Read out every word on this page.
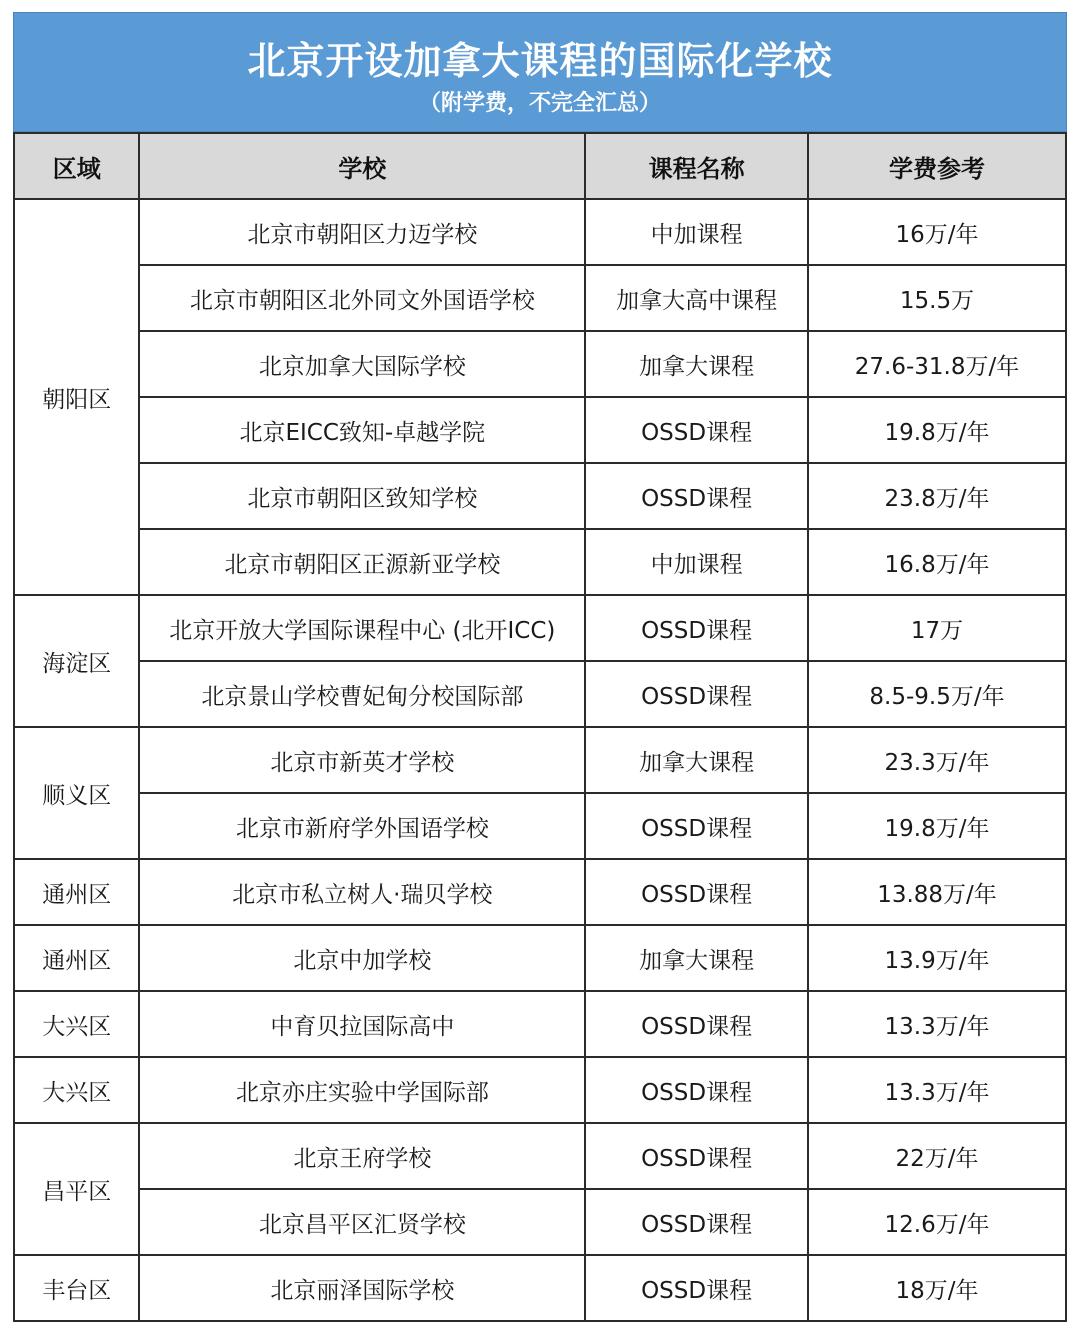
北京开设加拿大课程的国际化学校
（附学费，不完全汇总）
区域	学校	课程名称	学费参考
朝阳区	北京市朝阳区力迈学校	中加课程	16万/年
	北京市朝阳区北外同文外国语学校	加拿大高中课程	15.5万
	北京加拿大国际学校	加拿大课程	27.6-31.8万/年
	北京EICC致知-卓越学院	OSSD课程	19.8万/年
	北京市朝阳区致知学校	OSSD课程	23.8万/年
	北京市朝阳区正源新亚学校	中加课程	16.8万/年
海淀区	北京开放大学国际课程中心 (北开ICC)	OSSD课程	17万
	北京景山学校曹妃甸分校国际部	OSSD课程	8.5-9.5万/年
顺义区	北京市新英才学校	加拿大课程	23.3万/年
	北京市新府学外国语学校	OSSD课程	19.8万/年
通州区	北京市私立树人·瑞贝学校	OSSD课程	13.88万/年
通州区	北京中加学校	加拿大课程	13.9万/年
大兴区	中育贝拉国际高中	OSSD课程	13.3万/年
大兴区	北京亦庄实验中学国际部	OSSD课程	13.3万/年
昌平区	北京王府学校	OSSD课程	22万/年
	北京昌平区汇贤学校	OSSD课程	12.6万/年
丰台区	北京丽泽国际学校	OSSD课程	18万/年
